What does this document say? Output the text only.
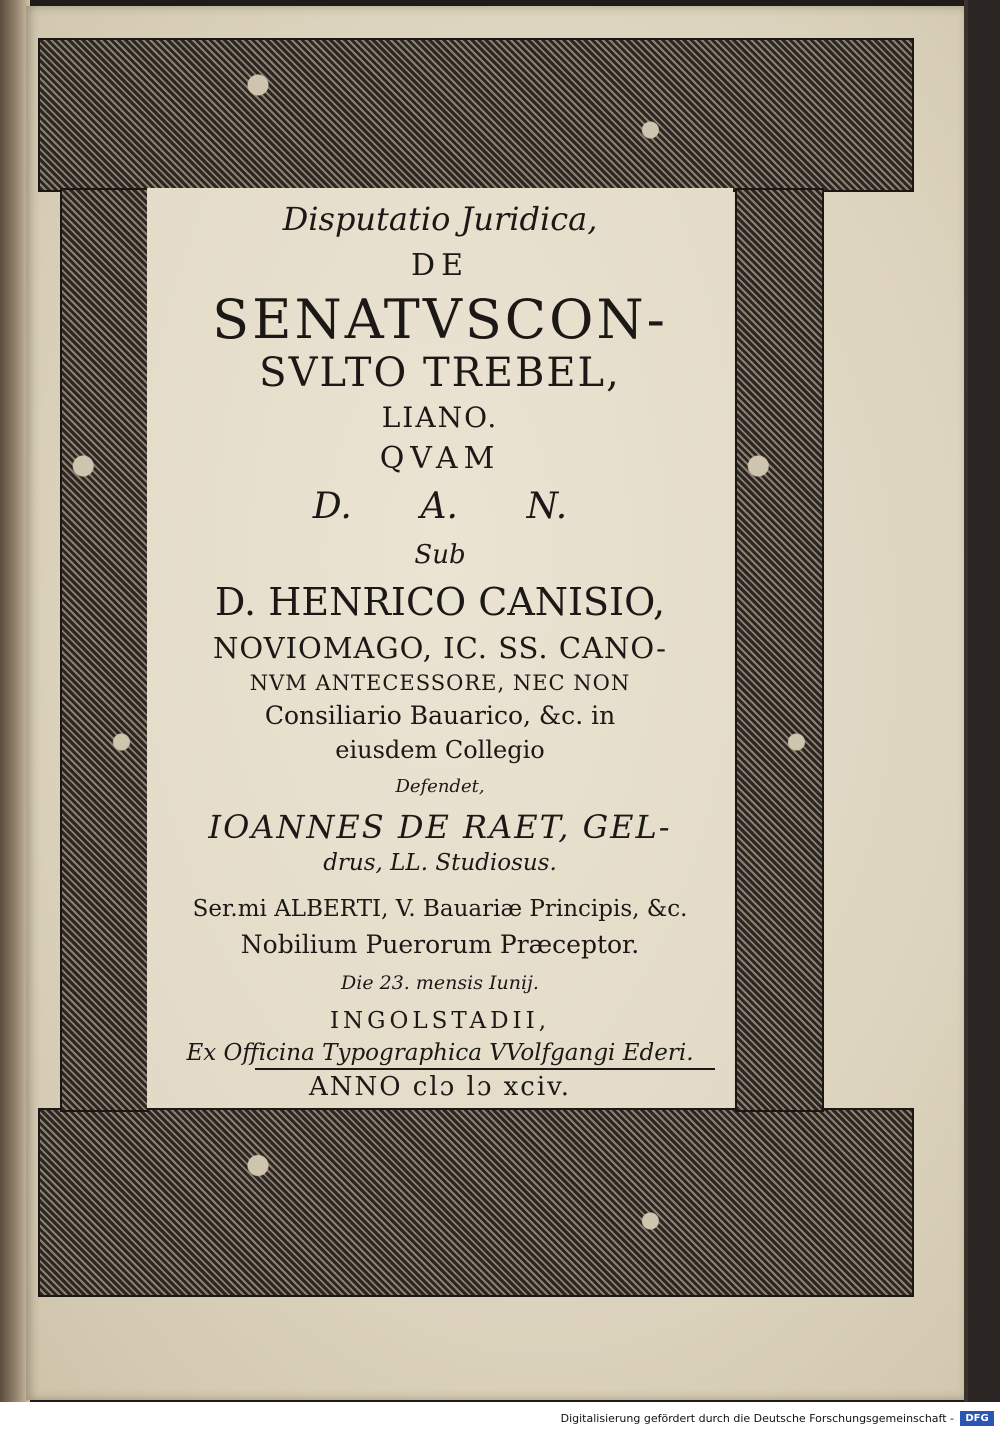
Disputatio Juridica,
DE
SENATVSCON-
SVLTO TREBEL,
LIANO.
QVAM
D.      A.      N.
Sub
D. HENRICO CANISIO,
NOVIOMAGO, IC. SS. CANO-
NVM ANTECESSORE, NEC NON
Consiliario Bauarico, &c. in
eiusdem Collegio
Defendet,
IOANNES DE RAET, GEL-
drus, LL. Studiosus.
Ser.mi ALBERTI, V. Bauariæ Principis, &c.
Nobilium Puerorum Præceptor.
Die 23. mensis Iunij.
INGOLSTADII,
Ex Officina Typographica VVolfgangi Ederi.
ANNO clɔ lɔ xciv.
Digitalisierung gefördert durch die Deutsche Forschungsgemeinschaft -	DFG
